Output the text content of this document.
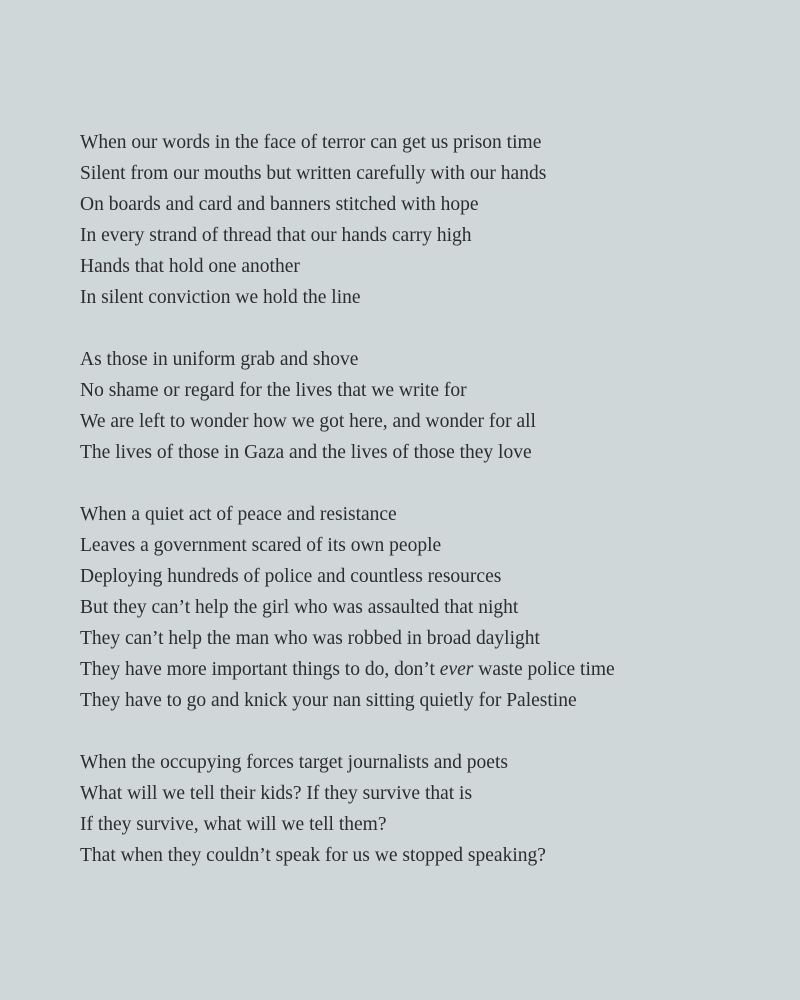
When our words in the face of terror can get us prison time
Silent from our mouths but written carefully with our hands
On boards and card and banners stitched with hope
In every strand of thread that our hands carry high
Hands that hold one another
In silent conviction we hold the line
As those in uniform grab and shove
No shame or regard for the lives that we write for
We are left to wonder how we got here, and wonder for all
The lives of those in Gaza and the lives of those they love
When a quiet act of peace and resistance
Leaves a government scared of its own people
Deploying hundreds of police and countless resources
But they can’t help the girl who was assaulted that night
They can’t help the man who was robbed in broad daylight
They have more important things to do, don’t ever waste police time
They have to go and knick your nan sitting quietly for Palestine
When the occupying forces target journalists and poets
What will we tell their kids? If they survive that is
If they survive, what will we tell them?
That when they couldn’t speak for us we stopped speaking?
